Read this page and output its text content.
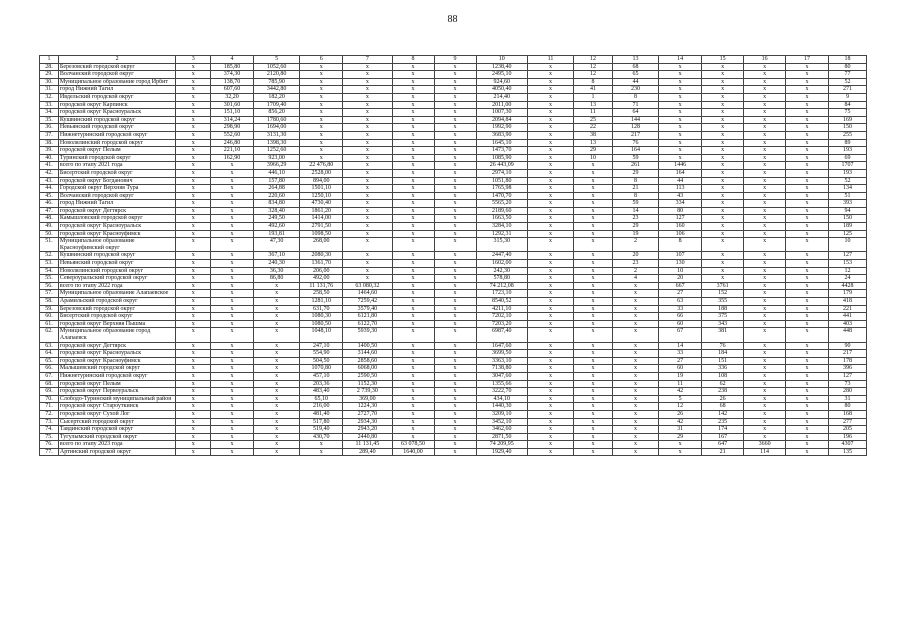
88
1	2	3	4	5	6	7	8	9	10	11	12	13	14	15	16	17	18
28.	Березовский городской округ	x	185,80	1052,60	x	x	x	x	1238,40	x	12	68	x	x	x	x	80
29.	Волчанский городской округ	x	374,30	2120,80	x	x	x	x	2495,10	x	12	65	x	x	x	x	77
30.	Муниципальное образование город Ирбит	x	138,70	785,90	x	x	x	x	924,60	x	8	44	x	x	x	x	52
31.	город Нижний Тагил	x	607,60	3442,80	x	x	x	x	4050,40	x	41	230	x	x	x	x	271
32.	Ивдельский городской округ	x	32,20	182,20	x	x	x	x	214,40	x	1	8	x	x	x	x	9
33.	городской округ Карпинск	x	301,60	1709,40	x	x	x	x	2011,00	x	13	71	x	x	x	x	84
34.	городской округ Красноуральск	x	151,10	856,20	x	x	x	x	1007,30	x	11	64	x	x	x	x	75
35.	Кушвинский городской округ	x	314,24	1780,60	x	x	x	x	2094,84	x	25	144	x	x	x	x	169
36.	Невьянский городской округ	x	298,90	1694,00	x	x	x	x	1992,90	x	22	128	x	x	x	x	150
37.	Нижнетуринский городской округ	x	552,60	3131,30	x	x	x	x	3683,90	x	38	217	x	x	x	x	255
38.	Новолялинский городской округ	x	246,80	1398,30	x	x	x	x	1645,10	x	13	76	x	x	x	x	89
39.	городской округ Пелым	x	221,10	1252,60	x	x	x	x	1473,70	x	29	164	x	x	x	x	193
40.	Туринский городской округ	x	162,90	923,00	x	x	x	x	1085,90	x	10	59	x	x	x	x	69
41.	всего по этапу 2021 года	x	x	3966,29	22 476,80	x	x	x	26 443,09	x	x	261	1446	x	x	x	1707
42.	Бисертский городской округ	x	x	446,10	2528,00	x	x	x	2974,10	x	x	29	164	x	x	x	193
43.	городской округ Богданович	x	x	157,80	894,00	x	x	x	1051,80	x	x	8	44	x	x	x	52
44.	Городской округ Верхняя Тура	x	x	264,88	1501,10	x	x	x	1765,98	x	x	21	113	x	x	x	134
45.	Волчанский городской округ	x	x	220,60	1250,10	x	x	x	1470,70	x	x	8	43	x	x	x	51
46.	город Нижний Тагил	x	x	834,80	4730,40	x	x	x	5565,20	x	x	59	334	x	x	x	393
47.	городской округ Дегтярск	x	x	328,40	1861,20	x	x	x	2189,60	x	x	14	80	x	x	x	94
48.	Камышловский городской округ	x	x	249,50	1414,00	x	x	x	1663,50	x	x	23	127	x	x	x	150
49.	городской округ Красноуральск	x	x	492,60	2791,50	x	x	x	3284,10	x	x	29	160	x	x	x	189
50.	городской округ Красноуфимск	x	x	193,81	1098,50	x	x	x	1292,31	x	x	19	106	x	x	x	125
51.	Муниципальное образование Красноуфимский округ	x	x	47,30	268,00	x	x	x	315,30	x	x	2	8	x	x	x	10
52.	Кушвинский городской округ	x	x	367,10	2080,30	x	x	x	2447,40	x	x	20	107	x	x	x	127
53.	Невьянский городской округ	x	x	240,30	1361,70	x	x	x	1602,00	x	x	23	130	x	x	x	153
54.	Новолялинский городской округ	x	x	36,30	206,00	x	x	x	242,30	x	x	2	10	x	x	x	12
55.	Североуральский городской округ	x	x	86,80	492,00	x	x	x	578,80	x	x	4	20	x	x	x	24
56.	всего по этапу 2022 года	x	x	x	11 131,76	63 080,32	x	x	74 212,08	x	x	x	667	3761	x	x	4428
57.	Муниципальное образование Алапаевское	x	x	x	258,50	1464,60	x	x	1723,10	x	x	x	27	152	x	x	179
58.	Арамильский городской округ	x	x	x	1281,10	7259,42	x	x	8540,52	x	x	x	63	355	x	x	418
59.	Березовский городской округ	x	x	x	631,70	3579,40	x	x	4211,10	x	x	x	33	188	x	x	221
60.	Бисертский городской округ	x	x	x	1080,30	6121,80	x	x	7202,10	x	x	x	66	375	x	x	441
61.	городской округ Верхняя Пышма	x	x	x	1080,50	6122,70	x	x	7203,20	x	x	x	60	343	x	x	403
62.	Муниципальное образование город Алапаевск	x	x	x	1048,10	5939,30	x	x	6987,40	x	x	x	67	381	x	x	448
63.	городской округ Дегтярск	x	x	x	247,10	1400,50	x	x	1647,60	x	x	x	14	76	x	x	90
64.	городской округ Красноуральск	x	x	x	554,90	3144,60	x	x	3699,50	x	x	x	33	184	x	x	217
65.	городской округ Красноуфимск	x	x	x	504,50	2858,60	x	x	3363,10	x	x	x	27	151	x	x	178
66.	Малышевский городской округ	x	x	x	1070,80	6068,00	x	x	7138,80	x	x	x	60	336	x	x	396
67.	Нижнетуринский городской округ	x	x	x	457,10	2590,50	x	x	3047,60	x	x	x	19	108	x	x	127
68.	городской округ Пелым	x	x	x	203,36	1152,30	x	x	1355,66	x	x	x	11	62	x	x	73
69.	городской округ Первоуральск	x	x	x	483,40	2 739,30	x	x	3222,70	x	x	x	42	238	x	x	280
70.	Слободо-Туринский муниципальный район	x	x	x	65,10	369,00	x	x	434,10	x	x	x	5	26	x	x	31
71.	городской округ Староуткинск	x	x	x	216,00	1224,30	x	x	1440,30	x	x	x	12	68	x	x	80
72.	городской округ Сухой Лог	x	x	x	481,40	2727,70	x	x	3209,10	x	x	x	26	142	x	x	168
73.	Сысертский городской округ	x	x	x	517,80	2934,30	x	x	3452,10	x	x	x	42	235	x	x	277
74.	Тавдинский городской округ	x	x	x	519,40	2943,20	x	x	3462,60	x	x	x	31	174	x	x	205
75.	Тугулымский городской округ	x	x	x	430,70	2440,80	x	x	2871,50	x	x	x	29	167	x	x	196
76.	всего по этапу 2023 года	x	x	x	x	11 131,45	63 078,50	x	74 209,95	x	x	x	x	647	3660	x	4307
77.	Артинский городской округ	x	x	x	x	289,40	1640,00	x	1929,40	x	x	x	x	21	114	x	135
